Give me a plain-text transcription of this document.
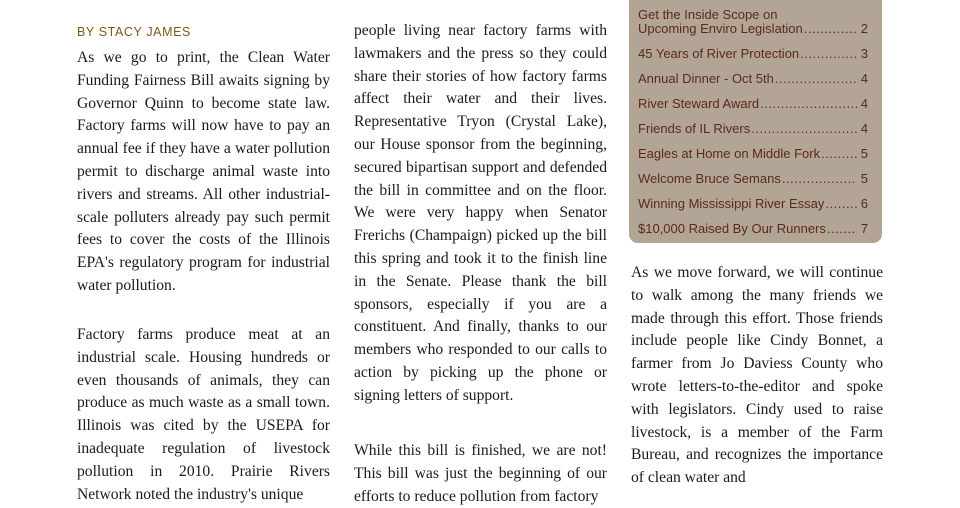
BY STACY JAMES

As we go to print, the Clean Water Funding Fairness Bill awaits signing by Governor Quinn to become state law. Factory farms will now have to pay an annual fee if they have a water pollution permit to discharge animal waste into rivers and streams. All other industrial-scale polluters already pay such permit fees to cover the costs of the Illinois EPA's regulatory program for industrial water pollution.

Factory farms produce meat at an industrial scale. Housing hundreds or even thousands of animals, they can produce as much waste as a small town. Illinois was cited by the USEPA for inadequate regulation of livestock pollution in 2010. Prairie Rivers Network noted the industry's unique

people living near factory farms with lawmakers and the press so they could share their stories of how factory farms affect their water and their lives. Representative Tryon (Crystal Lake), our House sponsor from the beginning, secured bipartisan support and defended the bill in committee and on the floor. We were very happy when Senator Frerichs (Champaign) picked up the bill this spring and took it to the finish line in the Senate. Please thank the bill sponsors, especially if you are a constituent. And finally, thanks to our members who responded to our calls to action by picking up the phone or signing letters of support.

While this bill is finished, we are not! This bill was just the beginning of our efforts to reduce pollution from factory

Get the Inside Scope on
Upcoming Enviro Legislation .....	2
45 Years of River Protection .....	3
Annual Dinner - Oct 5th .....	4
River Steward Award .....	4
Friends of IL Rivers .....	4
Eagles at Home on Middle Fork .....	5
Welcome Bruce Semans .....	5
Winning Mississippi River Essay .....	6
$10,000 Raised By Our Runners .....	7

As we move forward, we will continue to walk among the many friends we made through this effort. Those friends include people like Cindy Bonnet, a farmer from Jo Daviess County who wrote letters-to-the-editor and spoke with legislators. Cindy used to raise livestock, is a member of the Farm Bureau, and recognizes the importance of clean water and
